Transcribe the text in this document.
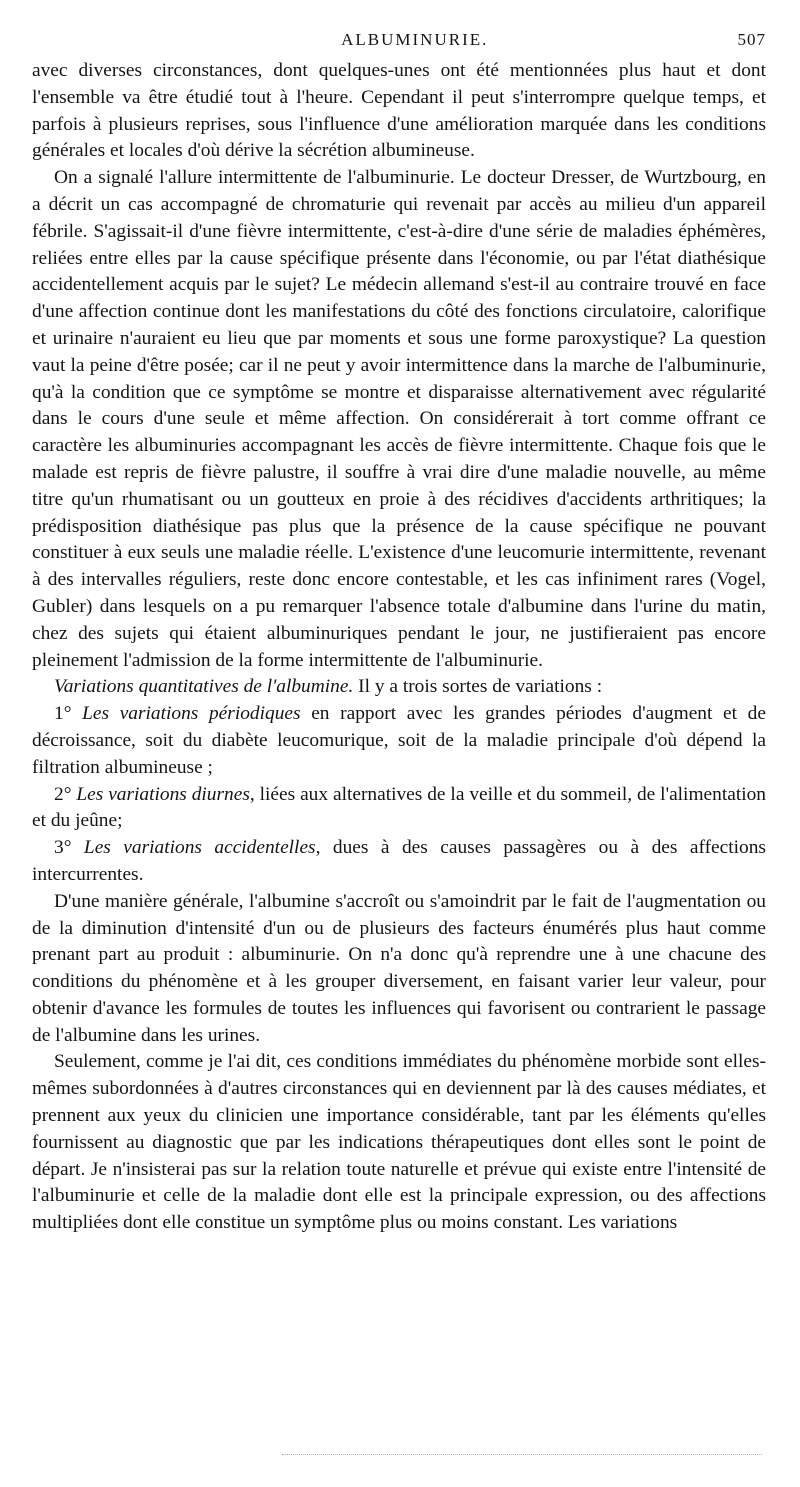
ALBUMINURIE.	507

avec diverses circonstances, dont quelques-unes ont été mentionnées plus haut et dont l'ensemble va être étudié tout à l'heure. Cependant il peut s'interrompre quelque temps, et parfois à plusieurs reprises, sous l'influence d'une amélioration marquée dans les conditions générales et locales d'où dérive la sécrétion albumineuse.

On a signalé l'allure intermittente de l'albuminurie. Le docteur Dresser, de Wurtzbourg, en a décrit un cas accompagné de chromaturie qui revenait par accès au milieu d'un appareil fébrile. S'agissait-il d'une fièvre intermittente, c'est-à-dire d'une série de maladies éphémères, reliées entre elles par la cause spécifique présente dans l'économie, ou par l'état diathésique accidentellement acquis par le sujet? Le médecin allemand s'est-il au contraire trouvé en face d'une affection continue dont les manifestations du côté des fonctions circulatoire, calorifique et urinaire n'auraient eu lieu que par moments et sous une forme paroxystique? La question vaut la peine d'être posée; car il ne peut y avoir intermittence dans la marche de l'albuminurie, qu'à la condition que ce symptôme se montre et disparaisse alternativement avec régularité dans le cours d'une seule et même affection. On considérerait à tort comme offrant ce caractère les albuminuries accompagnant les accès de fièvre intermittente. Chaque fois que le malade est repris de fièvre palustre, il souffre à vrai dire d'une maladie nouvelle, au même titre qu'un rhumatisant ou un goutteux en proie à des récidives d'accidents arthritiques; la prédisposition diathésique pas plus que la présence de la cause spécifique ne pouvant constituer à eux seuls une maladie réelle. L'existence d'une leucomurie intermittente, revenant à des intervalles réguliers, reste donc encore contestable, et les cas infiniment rares (Vogel, Gubler) dans lesquels on a pu remarquer l'absence totale d'albumine dans l'urine du matin, chez des sujets qui étaient albuminuriques pendant le jour, ne justifieraient pas encore pleinement l'admission de la forme intermittente de l'albuminurie.

Variations quantitatives de l'albumine. Il y a trois sortes de variations :

1° Les variations périodiques en rapport avec les grandes périodes d'augment et de décroissance, soit du diabète leucomurique, soit de la maladie principale d'où dépend la filtration albumineuse ;

2° Les variations diurnes, liées aux alternatives de la veille et du sommeil, de l'alimentation et du jeûne;

3° Les variations accidentelles, dues à des causes passagères ou à des affections intercurrentes.

D'une manière générale, l'albumine s'accroît ou s'amoindrit par le fait de l'augmentation ou de la diminution d'intensité d'un ou de plusieurs des facteurs énumérés plus haut comme prenant part au produit : albuminurie. On n'a donc qu'à reprendre une à une chacune des conditions du phénomène et à les grouper diversement, en faisant varier leur valeur, pour obtenir d'avance les formules de toutes les influences qui favorisent ou contrarient le passage de l'albumine dans les urines.

Seulement, comme je l'ai dit, ces conditions immédiates du phénomène morbide sont elles-mêmes subordonnées à d'autres circonstances qui en deviennent par là des causes médiates, et prennent aux yeux du clinicien une importance considérable, tant par les éléments qu'elles fournissent au diagnostic que par les indications thérapeutiques dont elles sont le point de départ. Je n'insisterai pas sur la relation toute naturelle et prévue qui existe entre l'intensité de l'albuminurie et celle de la maladie dont elle est la principale expression, ou des affections multipliées dont elle constitue un symptôme plus ou moins constant. Les variations
